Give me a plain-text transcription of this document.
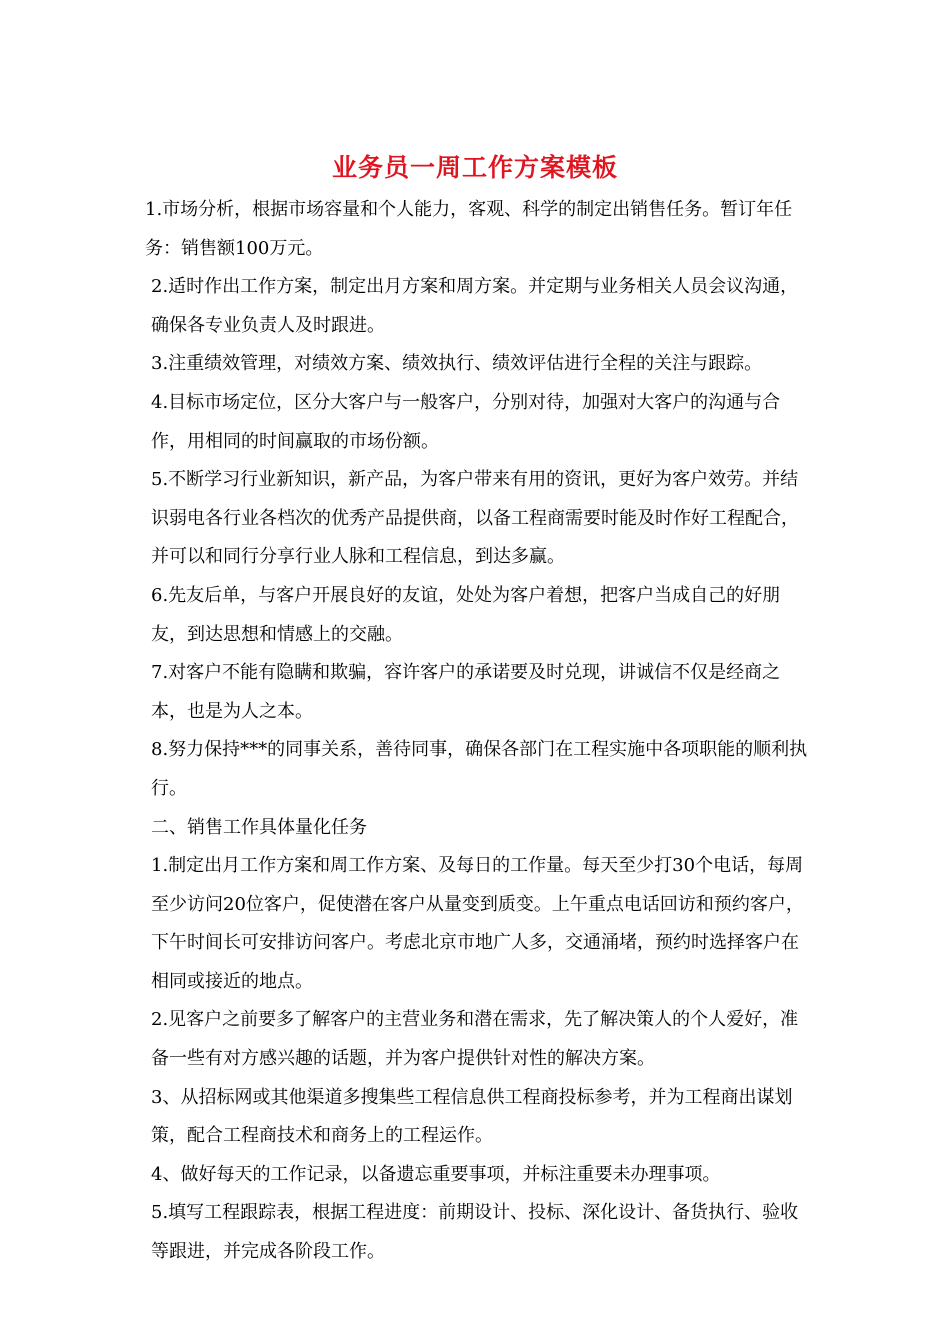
业务员一周工作方案模板

1.市场分析，根据市场容量和个人能力，客观、科学的制定出销售任务。暂订年任务：销售额100万元。

2.适时作出工作方案，制定出月方案和周方案。并定期与业务相关人员会议沟通，确保各专业负责人及时跟进。

3.注重绩效管理，对绩效方案、绩效执行、绩效评估进行全程的关注与跟踪。

4.目标市场定位，区分大客户与一般客户，分别对待，加强对大客户的沟通与合作，用相同的时间赢取的市场份额。

5.不断学习行业新知识，新产品，为客户带来有用的资讯，更好为客户效劳。并结识弱电各行业各档次的优秀产品提供商，以备工程商需要时能及时作好工程配合，并可以和同行分享行业人脉和工程信息，到达多赢。

6.先友后单，与客户开展良好的友谊，处处为客户着想，把客户当成自己的好朋友，到达思想和情感上的交融。

7.对客户不能有隐瞒和欺骗，容许客户的承诺要及时兑现，讲诚信不仅是经商之本，也是为人之本。

8.努力保持***的同事关系，善待同事，确保各部门在工程实施中各项职能的顺利执行。

二、销售工作具体量化任务

1.制定出月工作方案和周工作方案、及每日的工作量。每天至少打30个电话，每周至少访问20位客户，促使潜在客户从量变到质变。上午重点电话回访和预约客户，下午时间长可安排访问客户。考虑北京市地广人多，交通涌堵，预约时选择客户在相同或接近的地点。

2.见客户之前要多了解客户的主营业务和潜在需求，先了解决策人的个人爱好，准备一些有对方感兴趣的话题，并为客户提供针对性的解决方案。

3、从招标网或其他渠道多搜集些工程信息供工程商投标参考，并为工程商出谋划策，配合工程商技术和商务上的工程运作。

4、做好每天的工作记录，以备遗忘重要事项，并标注重要未办理事项。

5.填写工程跟踪表，根据工程进度：前期设计、投标、深化设计、备货执行、验收等跟进，并完成各阶段工作。
